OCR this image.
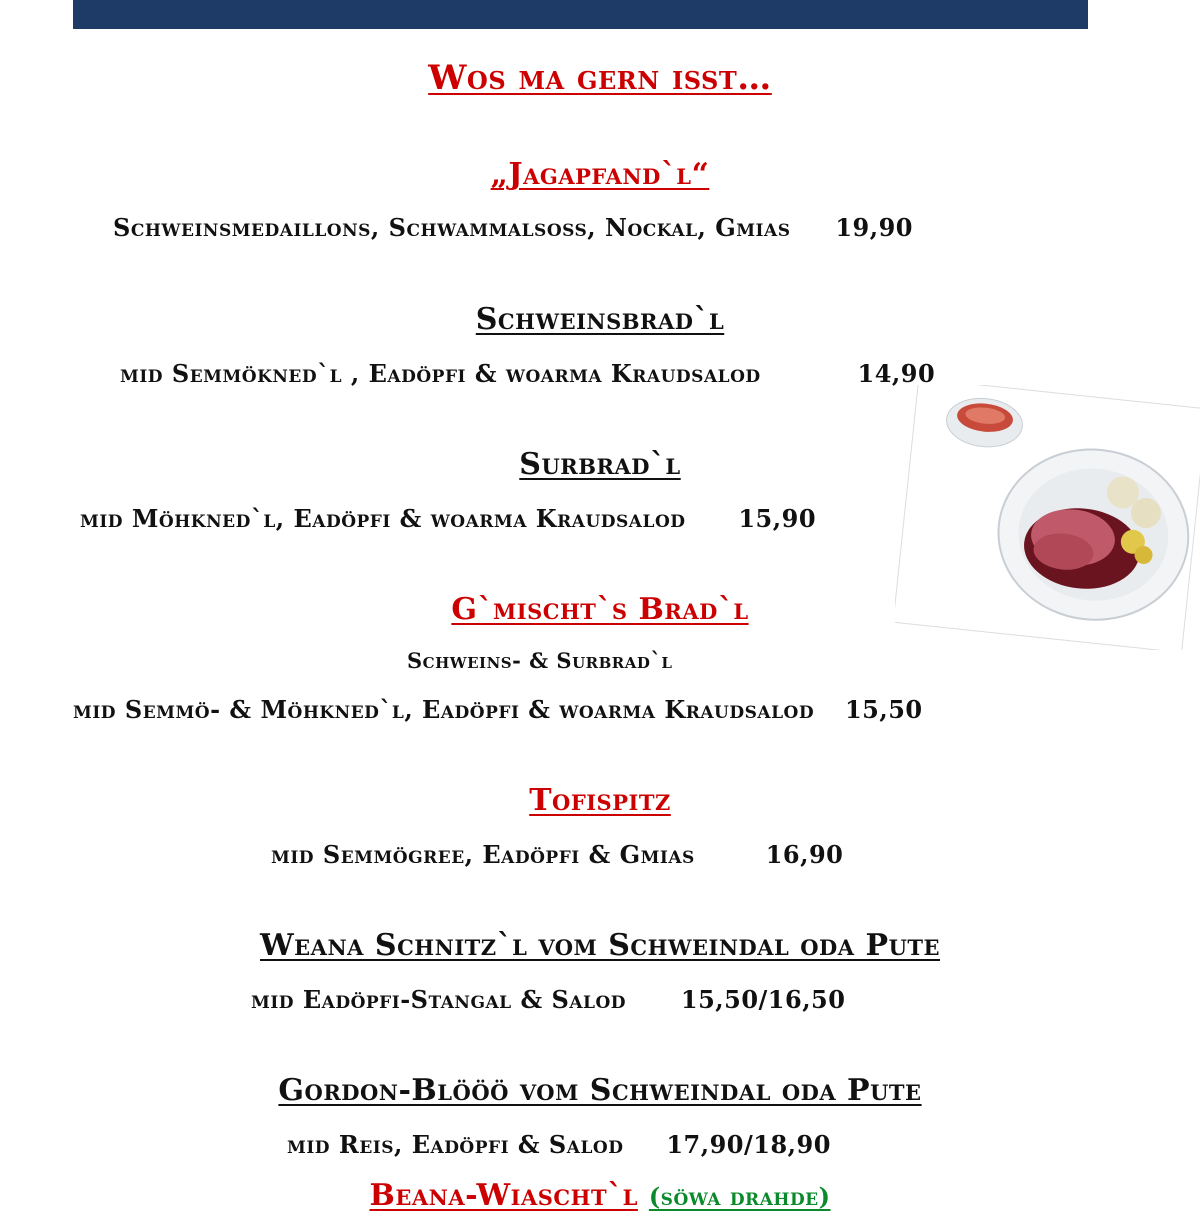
Wos ma gern isst…
„Jagapfand`l“
Schweinsmedaillons, Schwammalsoss, Nockal, Gmias 19,90
Schweinsbrad`l
mid Semmökned`l , Eadöpfi & woarma Kraudsalod	14,90
Surbrad`l
mid Möhkned`l, Eadöpfi & woarma Kraudsalod 15,90
G`mischt`s Brad`l
Schweins- & Surbrad`l
mid Semmö- & Möhkned`l, Eadöpfi & woarma Kraudsalod 15,50
Tofispitz
mid Semmögree, Eadöpfi & Gmias	16,90
Weana Schnitz`l vom Schweindal oda Pute
mid Eadöpfi-Stangal & Salod 15,50/16,50
Gordon-Blööö vom Schweindal oda Pute
mid Reis, Eadöpfi & Salod 17,90/18,90
Beana-Wiascht`l (söwa drahde)
